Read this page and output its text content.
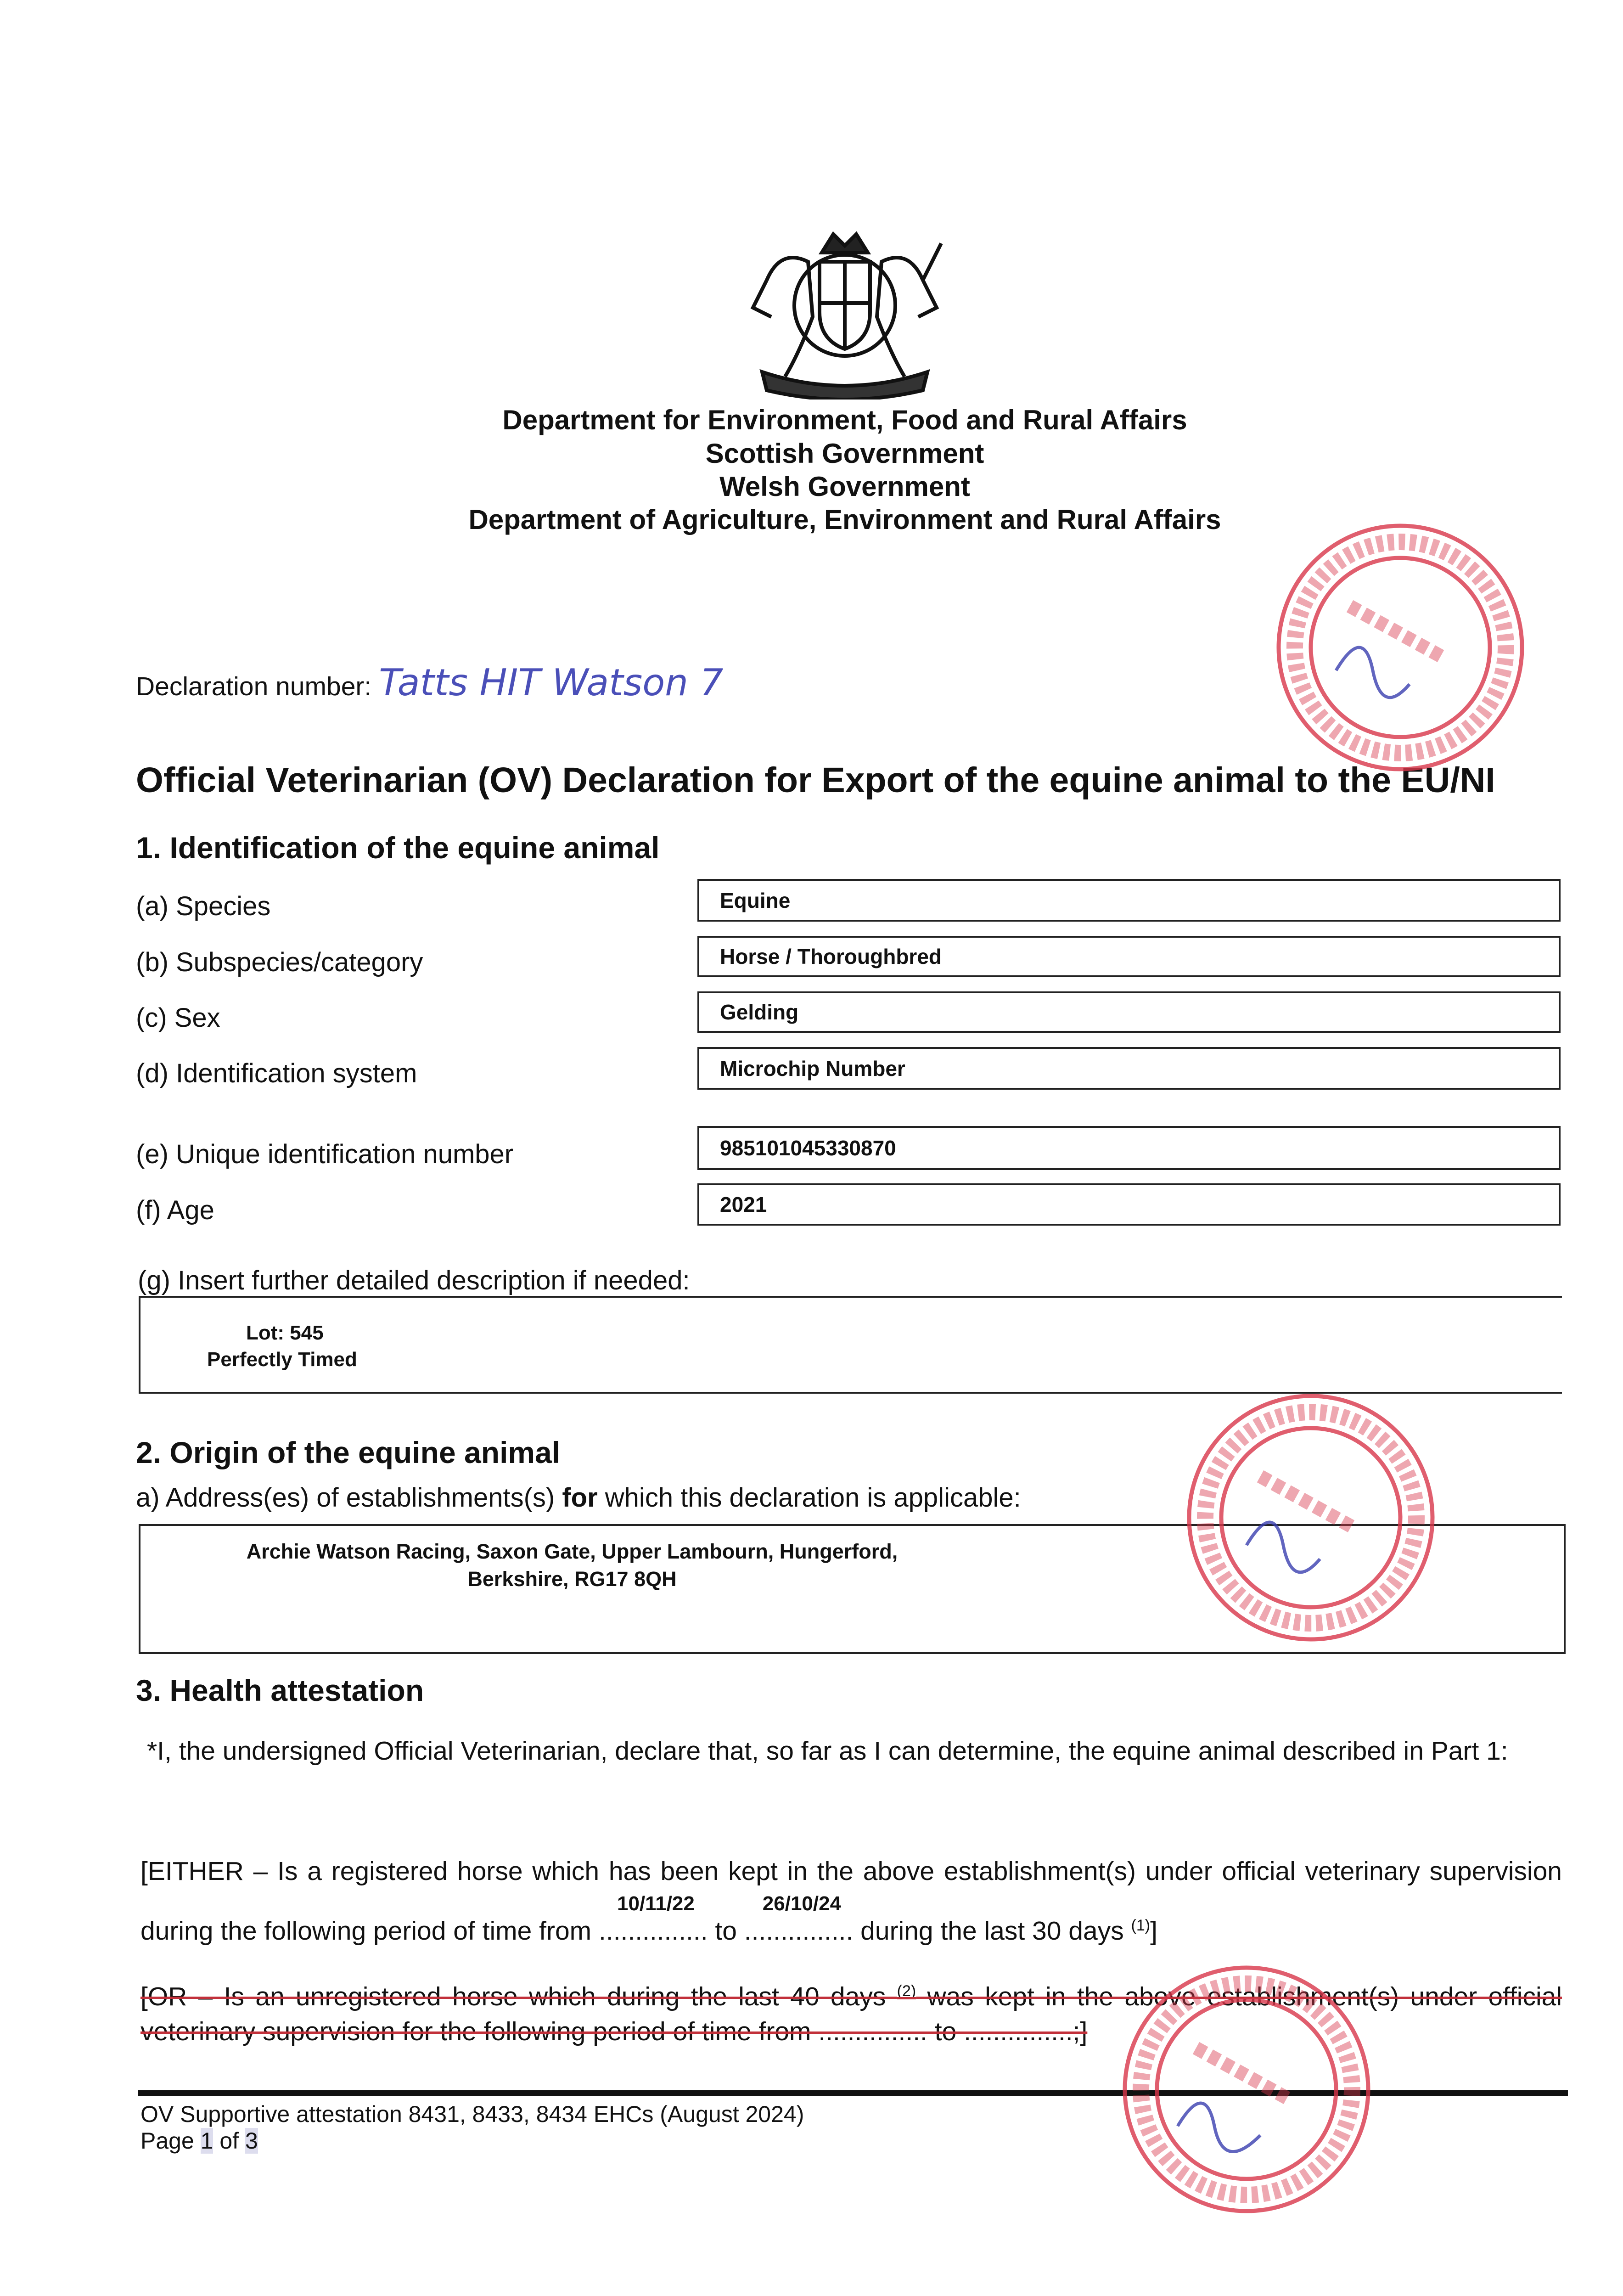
Department for Environment, Food and Rural Affairs
Scottish Government
Welsh Government
Department of Agriculture, Environment and Rural Affairs
Declaration number: Tatts HIT Watson 7
Official Veterinarian (OV) Declaration for Export of the equine animal to the EU/NI
1. Identification of the equine animal
(a) Species	Equine
(b) Subspecies/category	Horse / Thoroughbred
(c) Sex	Gelding
(d) Identification system	Microchip Number
(e) Unique identification number	985101045330870
(f) Age	2021
(g) Insert further detailed description if needed:
Lot: 545
Perfectly Timed
2. Origin of the equine animal
a) Address(es) of establishments(s) for which this declaration is applicable:
Archie Watson Racing, Saxon Gate, Upper Lambourn, Hungerford,
Berkshire, RG17 8QH
3. Health attestation
*I, the undersigned Official Veterinarian, declare that, so far as I can determine, the equine animal described in Part 1:
[EITHER – Is a registered horse which has been kept in the above establishment(s) under official veterinary supervision during the following period of time from ...............
10/11/22
to ...............
26/10/24
during the last 30 days $^{(1)}$]
[OR – Is an unregistered horse which during the last 40 days $^{(2)}$ was kept in the above establishment(s) under official veterinary supervision for the following period of time from ............... to ...............;]
OV Supportive attestation 8431, 8433, 8434 EHCs (August 2024)
Page 1 of 3
